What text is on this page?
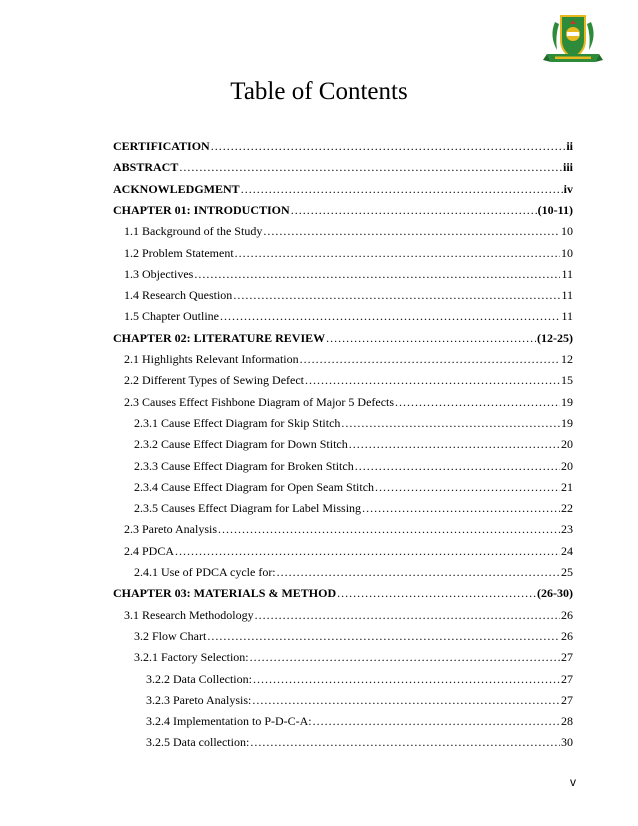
Table of Contents
CERTIFICATION .....	ii
ABSTRACT .....	iii
ACKNOWLEDGMENT .....	iv
CHAPTER 01: INTRODUCTION .....	(10-11)
1.1 Background of the Study .....	10
1.2 Problem Statement .....	10
1.3 Objectives .....	11
1.4 Research Question .....	11
1.5 Chapter Outline .....	11
CHAPTER 02: LITERATURE REVIEW .....	(12-25)
2.1 Highlights Relevant Information .....	12
2.2 Different Types of Sewing Defect .....	15
2.3 Causes Effect Fishbone Diagram of Major 5 Defects .....	19
2.3.1 Cause Effect Diagram for Skip Stitch .....	19
2.3.2 Cause Effect Diagram for Down Stitch .....	20
2.3.3 Cause Effect Diagram for Broken Stitch .....	20
2.3.4 Cause Effect Diagram for Open Seam Stitch .....	21
2.3.5 Causes Effect Diagram for Label Missing .....	22
2.3 Pareto Analysis .....	23
2.4 PDCA .....	24
2.4.1 Use of PDCA cycle for: .....	25
CHAPTER 03: MATERIALS & METHOD .....	(26-30)
3.1 Research Methodology .....	26
3.2 Flow Chart .....	26
3.2.1 Factory Selection: .....	27
3.2.2 Data Collection: .....	27
3.2.3 Pareto Analysis: .....	27
3.2.4 Implementation to P-D-C-A: .....	28
3.2.5 Data collection: .....	30
v
